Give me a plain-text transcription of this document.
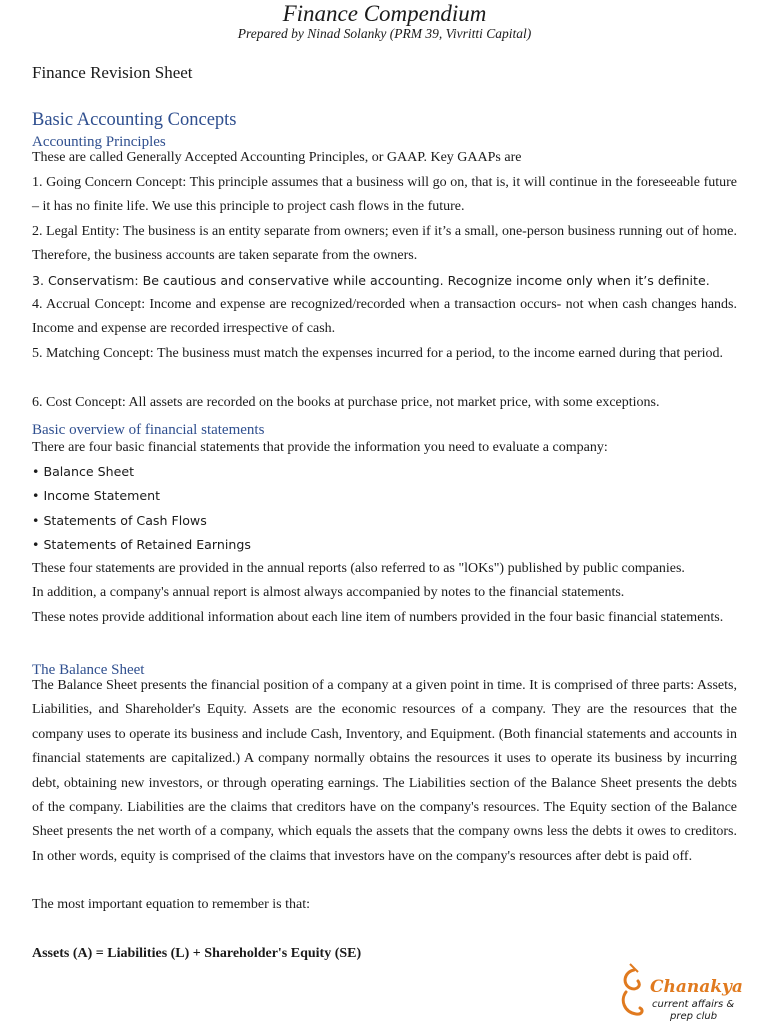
Finance Compendium
Prepared by Ninad Solanky (PRM 39, Vivritti Capital)
Finance Revision Sheet
Basic Accounting Concepts
Accounting Principles

These are called Generally Accepted Accounting Principles, or GAAP. Key GAAPs are

1. Going Concern Concept: This principle assumes that a business will go on, that is, it will continue in the foreseeable future – it has no finite life. We use this principle to project cash flows in the future.

2. Legal Entity: The business is an entity separate from owners; even if it’s a small, one-person business running out of home. Therefore, the business accounts are taken separate from the owners.

3. Conservatism: Be cautious and conservative while accounting. Recognize income only when it’s definite.

4. Accrual Concept: Income and expense are recognized/recorded when a transaction occurs- not when cash changes hands. Income and expense are recorded irrespective of cash.

5. Matching Concept: The business must match the expenses incurred for a period, to the income earned during that period.

6. Cost Concept: All assets are recorded on the books at purchase price, not market price, with some exceptions.

Basic overview of financial statements

There are four basic financial statements that provide the information you need to evaluate a company:

• Balance Sheet
• Income Statement
• Statements of Cash Flows
• Statements of Retained Earnings

These four statements are provided in the annual reports (also referred to as "lOKs") published by public companies.

In addition, a company's annual report is almost always accompanied by notes to the financial statements.

These notes provide additional information about each line item of numbers provided in the four basic financial statements.

The Balance Sheet

The Balance Sheet presents the financial position of a company at a given point in time. It is comprised of three parts: Assets, Liabilities, and Shareholder's Equity. Assets are the economic resources of a company. They are the resources that the company uses to operate its business and include Cash, Inventory, and Equipment. (Both financial statements and accounts in financial statements are capitalized.) A company normally obtains the resources it uses to operate its business by incurring debt, obtaining new investors, or through operating earnings. The Liabilities section of the Balance Sheet presents the debts of the company. Liabilities are the claims that creditors have on the company's resources. The Equity section of the Balance Sheet presents the net worth of a company, which equals the assets that the company owns less the debts it owes to creditors. In other words, equity is comprised of the claims that investors have on the company's resources after debt is paid off.

The most important equation to remember is that:

Assets (A) = Liabilities (L) + Shareholder's Equity (SE)
Chanakya
current affairs &
prep club
